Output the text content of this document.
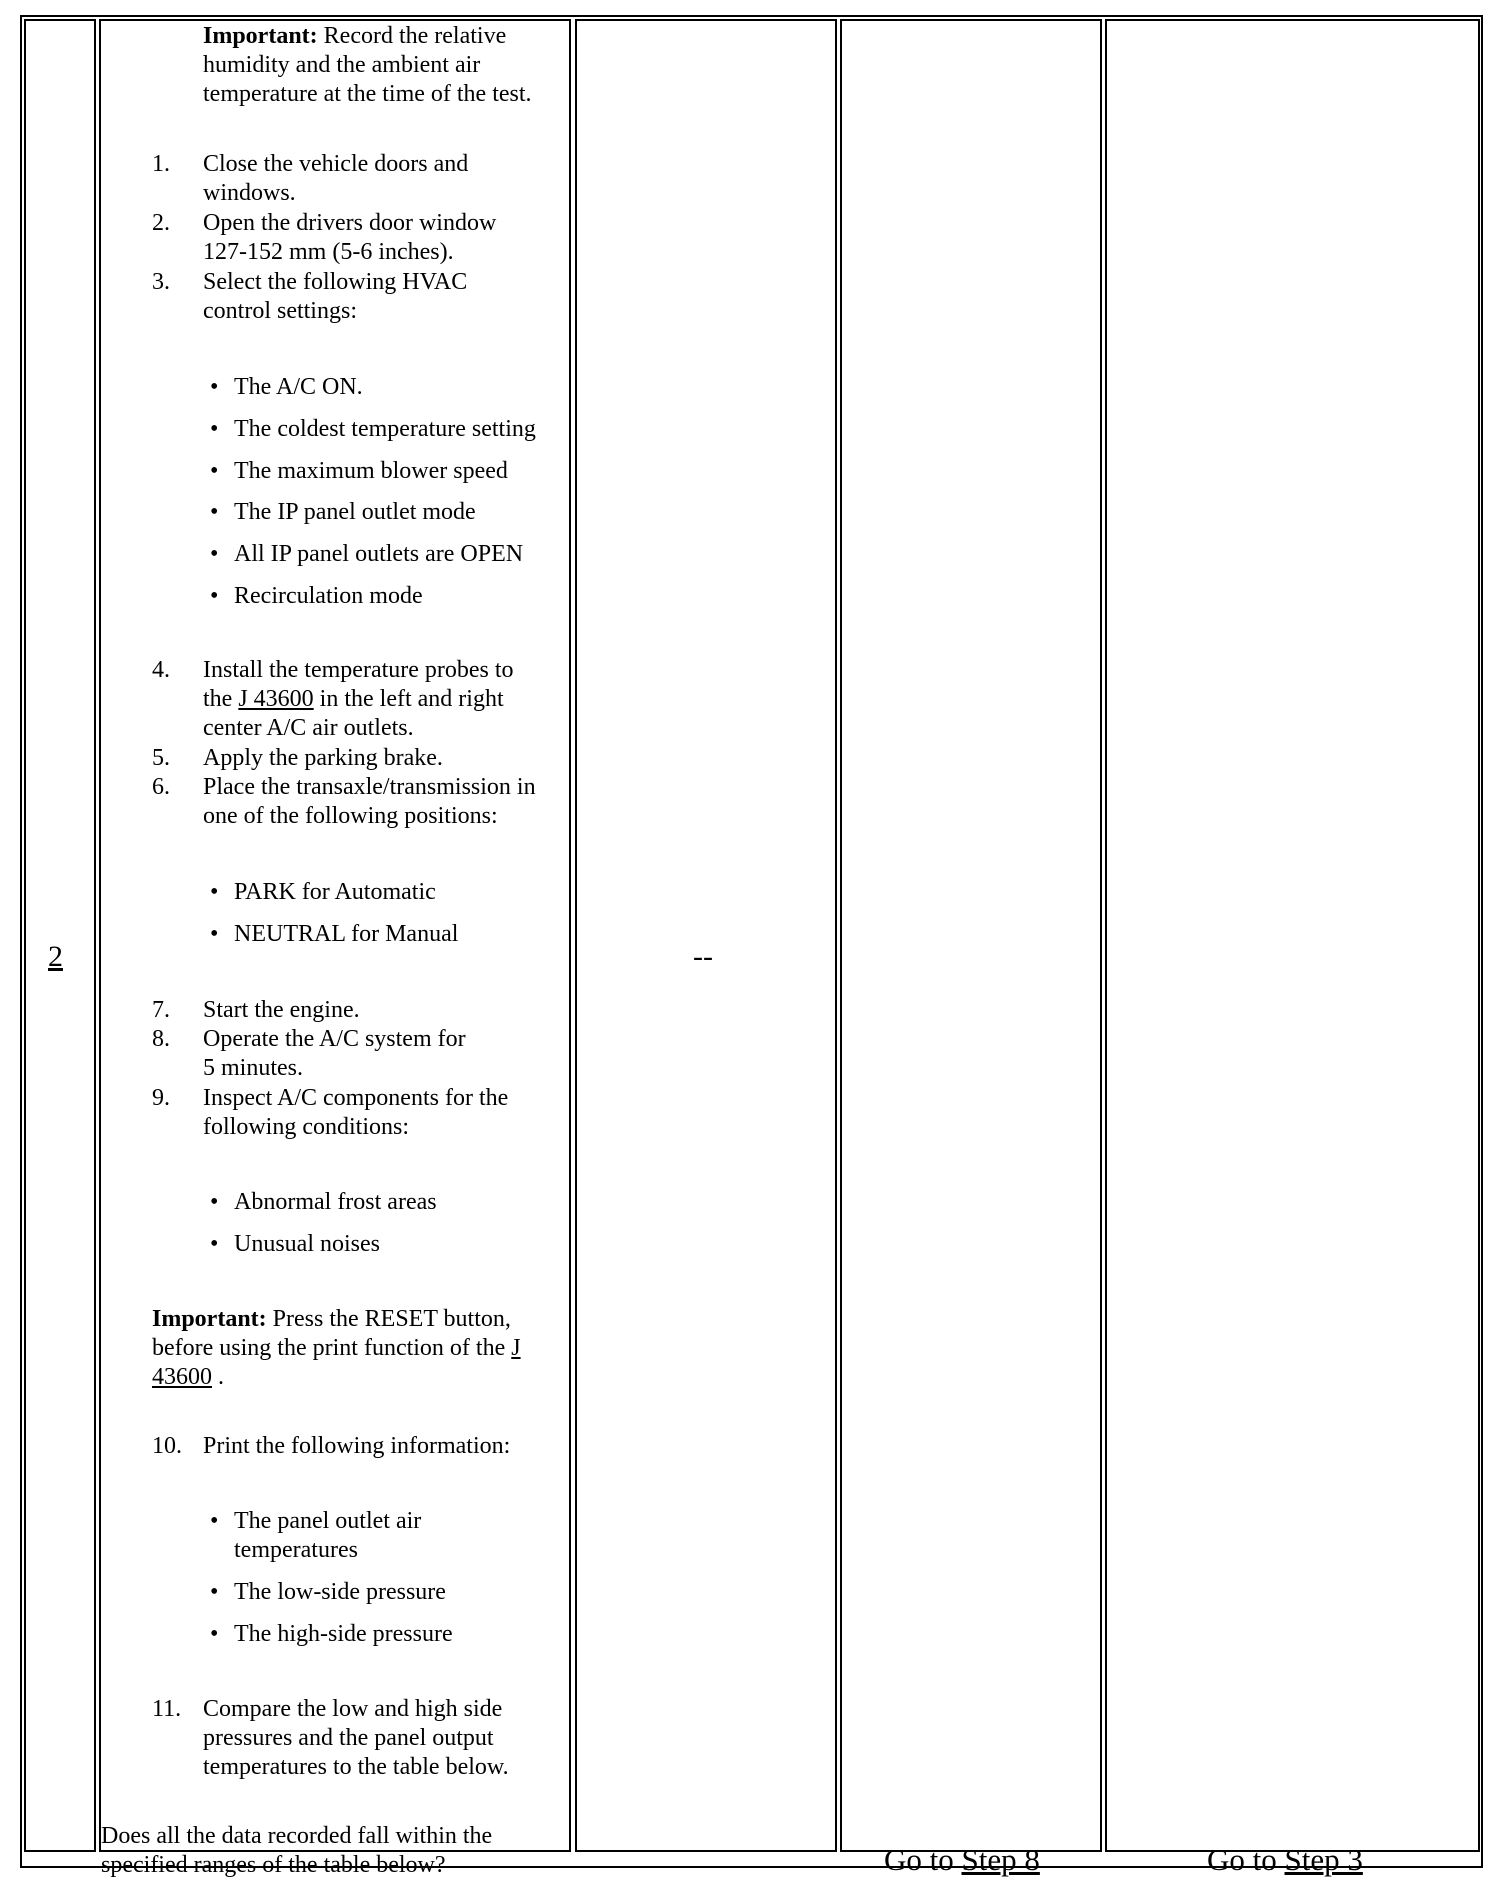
2
Important: Record the relative
humidity and the ambient air
temperature at the time of the test.
1. Close the vehicle doors and
windows.
2. Open the drivers door window
127-152 mm (5-6 inches).
3. Select the following HVAC
control settings:
• The A/C ON.
• The coldest temperature setting
• The maximum blower speed
• The IP panel outlet mode
• All IP panel outlets are OPEN
• Recirculation mode
4. Install the temperature probes to
the J 43600 in the left and right
center A/C air outlets.
5. Apply the parking brake.
6. Place the transaxle/transmission in
one of the following positions:
• PARK for Automatic
• NEUTRAL for Manual
7. Start the engine.
8. Operate the A/C system for
5 minutes.
9. Inspect A/C components for the
following conditions:
• Abnormal frost areas
• Unusual noises
Important: Press the RESET button,
before using the print function of the J
43600 .
10. Print the following information:
• The panel outlet air
temperatures
• The low-side pressure
• The high-side pressure
11. Compare the low and high side
pressures and the panel output
temperatures to the table below.
Does all the data recorded fall within the
specified ranges of the table below?
--
Go to Step 8	Go to Step 3
